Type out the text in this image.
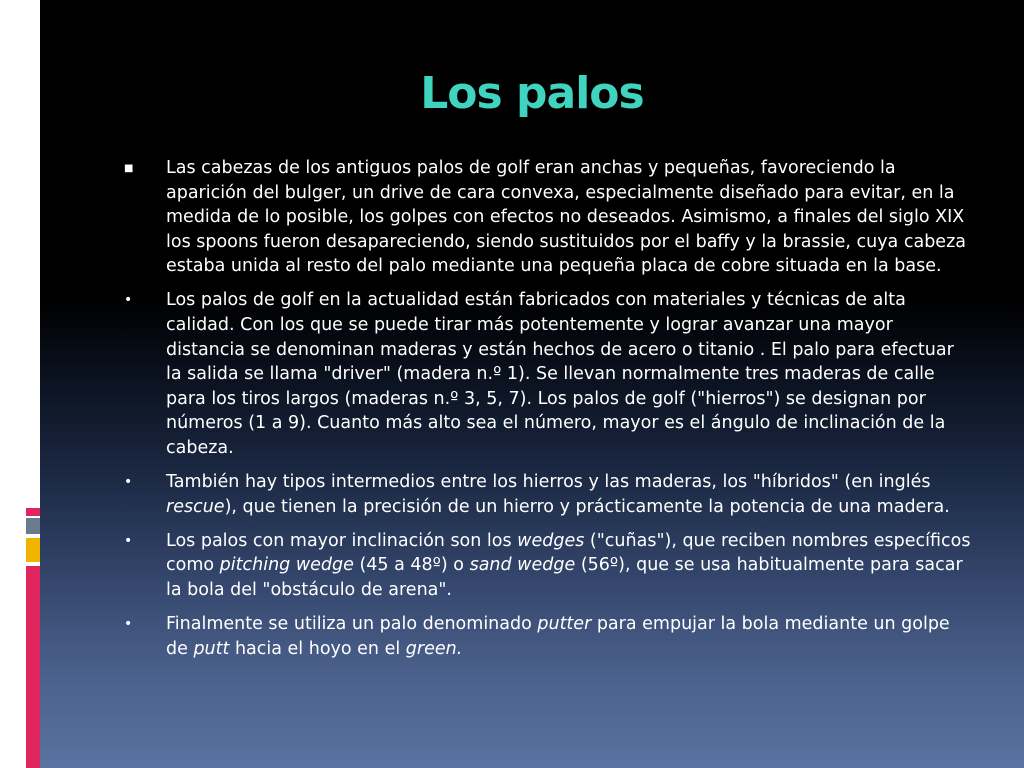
Los palos
■	Las cabezas de los antiguos palos de golf eran anchas y pequeñas, favoreciendo la aparición del bulger, un drive de cara convexa, especialmente diseñado para evitar, en la medida de lo posible, los golpes con efectos no deseados. Asimismo, a finales del siglo XIX los spoons fueron desapareciendo, siendo sustituidos por el baffy y la brassie, cuya cabeza estaba unida al resto del palo mediante una pequeña placa de cobre situada en la base.
•	Los palos de golf en la actualidad están fabricados con materiales y técnicas de alta calidad. Con los que se puede tirar más potentemente y lograr avanzar una mayor distancia se denominan maderas y están hechos de acero o titanio . El palo para efectuar la salida se llama "driver" (madera n.º 1). Se llevan normalmente tres maderas de calle para los tiros largos (maderas n.º 3, 5, 7). Los palos de golf ("hierros") se designan por números (1 a 9). Cuanto más alto sea el número, mayor es el ángulo de inclinación de la cabeza.
•	También hay tipos intermedios entre los hierros y las maderas, los "híbridos" (en inglés rescue), que tienen la precisión de un hierro y prácticamente la potencia de una madera.
•	Los palos con mayor inclinación son los wedges ("cuñas"), que reciben nombres específicos como pitching wedge (45 a 48º) o sand wedge (56º), que se usa habitualmente para sacar la bola del "obstáculo de arena".
•	Finalmente se utiliza un palo denominado putter para empujar la bola mediante un golpe de putt hacia el hoyo en el green.
